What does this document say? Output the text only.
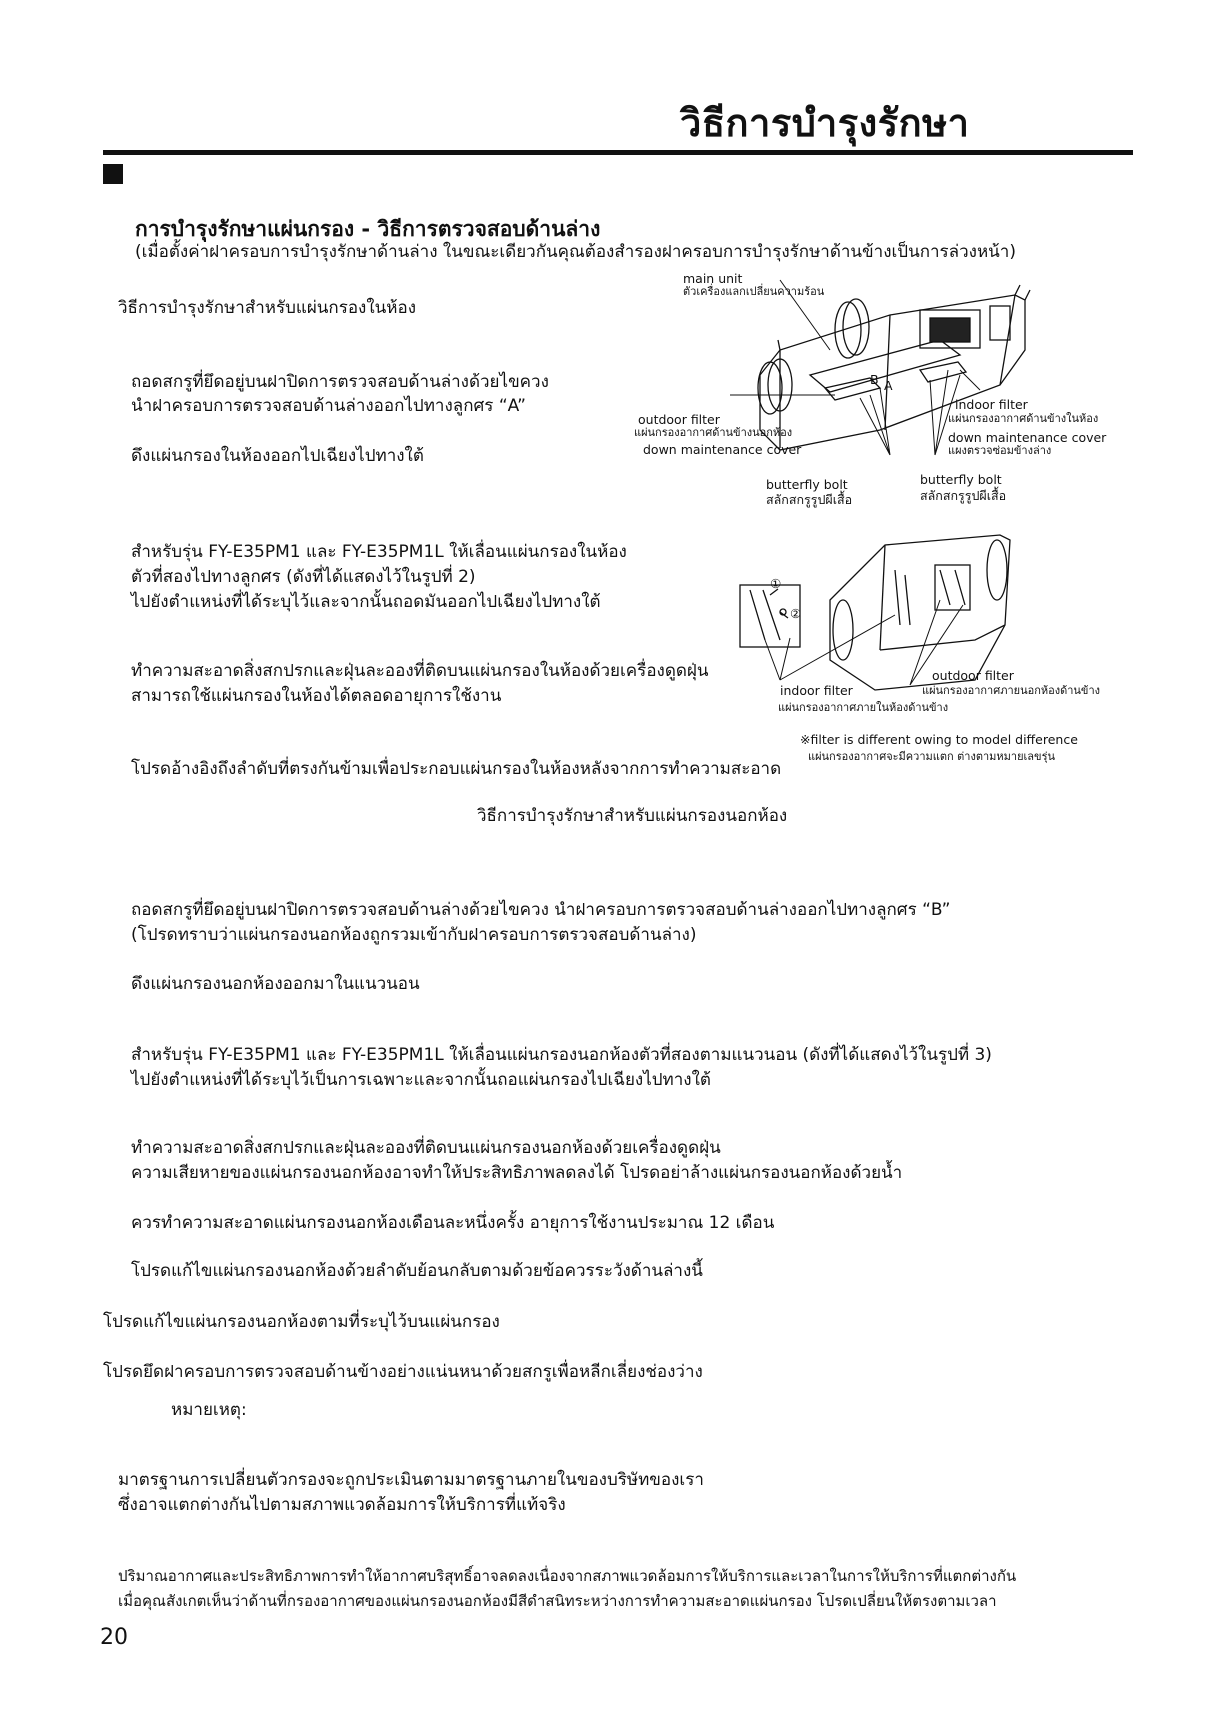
วิธีการบำรุงรักษา
การบำรุงรักษาแผ่นกรอง - วิธีการตรวจสอบด้านล่าง
(เมื่อตั้งค่าฝาครอบการบำรุงรักษาด้านล่าง ในขณะเดียวกันคุณต้องสำรองฝาครอบการบำรุงรักษาด้านข้างเป็นการล่วงหน้า)
วิธีการบำรุงรักษาสำหรับแผ่นกรองในห้อง
ถอดสกรูที่ยึดอยู่บนฝาปิดการตรวจสอบด้านล่างด้วยไขควง
นำฝาครอบการตรวจสอบด้านล่างออกไปทางลูกศร “A”
ดึงแผ่นกรองในห้องออกไปเฉียงไปทางใต้
สำหรับรุ่น FY-E35PM1 และ FY-E35PM1L ให้เลื่อนแผ่นกรองในห้อง
ตัวที่สองไปทางลูกศร (ดังที่ได้แสดงไว้ในรูปที่ 2)
ไปยังตำแหน่งที่ได้ระบุไว้และจากนั้นถอดมันออกไปเฉียงไปทางใต้
ทำความสะอาดสิ่งสกปรกและฝุ่นละอองที่ติดบนแผ่นกรองในห้องด้วยเครื่องดูดฝุ่น
สามารถใช้แผ่นกรองในห้องได้ตลอดอายุการใช้งาน
โปรดอ้างอิงถึงลำดับที่ตรงกันข้ามเพื่อประกอบแผ่นกรองในห้องหลังจากการทำความสะอาด
main unit
ตัวเครื่องแลกเปลี่ยนความร้อน
B A
outdoor filter
แผ่นกรองอากาศด้านข้างนอกห้อง
down maintenance cover
indoor filter
แผ่นกรองอากาศด้านข้างในห้อง
down maintenance cover
แผงตรวจซ่อมข้างล่าง
butterfly bolt
สลักสกรูรูปผีเสื้อ
butterfly bolt
สลักสกรูรูปผีเสื้อ
①
②
indoor filter
แผ่นกรองอากาศภายในห้องด้านข้าง
outdoor filter
แผ่นกรองอากาศภายนอกห้องด้านข้าง
※filter is different owing to model difference
แผ่นกรองอากาศจะมีความแตก ต่างตามหมายเลขรุ่น
วิธีการบำรุงรักษาสำหรับแผ่นกรองนอกห้อง
ถอดสกรูที่ยึดอยู่บนฝาปิดการตรวจสอบด้านล่างด้วยไขควง นำฝาครอบการตรวจสอบด้านล่างออกไปทางลูกศร “B”
(โปรดทราบว่าแผ่นกรองนอกห้องถูกรวมเข้ากับฝาครอบการตรวจสอบด้านล่าง)
ดึงแผ่นกรองนอกห้องออกมาในแนวนอน
สำหรับรุ่น FY-E35PM1 และ FY-E35PM1L ให้เลื่อนแผ่นกรองนอกห้องตัวที่สองตามแนวนอน (ดังที่ได้แสดงไว้ในรูปที่ 3)
ไปยังตำแหน่งที่ได้ระบุไว้เป็นการเฉพาะและจากนั้นถอแผ่นกรองไปเฉียงไปทางใต้
ทำความสะอาดสิ่งสกปรกและฝุ่นละอองที่ติดบนแผ่นกรองนอกห้องด้วยเครื่องดูดฝุ่น
ความเสียหายของแผ่นกรองนอกห้องอาจทำให้ประสิทธิภาพลดลงได้ โปรดอย่าล้างแผ่นกรองนอกห้องด้วยน้ำ
ควรทำความสะอาดแผ่นกรองนอกห้องเดือนละหนึ่งครั้ง อายุการใช้งานประมาณ 12 เดือน
โปรดแก้ไขแผ่นกรองนอกห้องด้วยลำดับย้อนกลับตามด้วยข้อควรระวังด้านล่างนี้
โปรดแก้ไขแผ่นกรองนอกห้องตามที่ระบุไว้บนแผ่นกรอง
โปรดยึดฝาครอบการตรวจสอบด้านข้างอย่างแน่นหนาด้วยสกรูเพื่อหลีกเลี่ยงช่องว่าง
หมายเหตุ:
มาตรฐานการเปลี่ยนตัวกรองจะถูกประเมินตามมาตรฐานภายในของบริษัทของเรา
ซึ่งอาจแตกต่างกันไปตามสภาพแวดล้อมการให้บริการที่แท้จริง
ปริมาณอากาศและประสิทธิภาพการทำให้อากาศบริสุทธิ์อาจลดลงเนื่องจากสภาพแวดล้อมการให้บริการและเวลาในการให้บริการที่แตกต่างกัน
เมื่อคุณสังเกตเห็นว่าด้านที่กรองอากาศของแผ่นกรองนอกห้องมีสีดำสนิทระหว่างการทำความสะอาดแผ่นกรอง โปรดเปลี่ยนให้ตรงตามเวลา
20
